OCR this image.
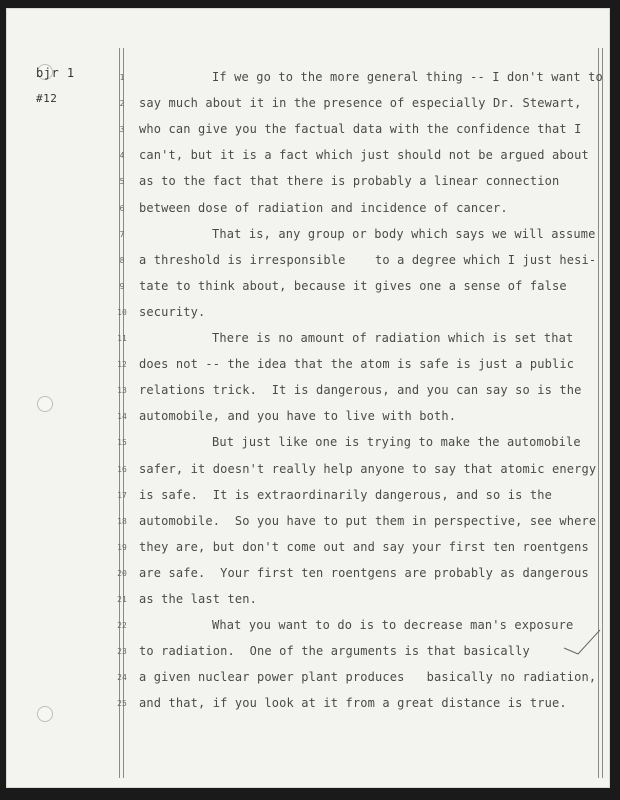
bjr 1
#12
1
2
3
4
5
6
7
8
9
10
11
12
13
14
15
16
17
18
19
20
21
22
23
24
25
If we go to the more general thing -- I don't want to
say much about it in the presence of especially Dr. Stewart,
who can give you the factual data with the confidence that I
can't, but it is a fact which just should not be argued about
as to the fact that there is probably a linear connection
between dose of radiation and incidence of cancer.
That is, any group or body which says we will assume
a threshold is irresponsible    to a degree which I just hesi-
tate to think about, because it gives one a sense of false
security.
There is no amount of radiation which is set that
does not -- the idea that the atom is safe is just a public
relations trick.  It is dangerous, and you can say so is the
automobile, and you have to live with both.
But just like one is trying to make the automobile
safer, it doesn't really help anyone to say that atomic energy
is safe.  It is extraordinarily dangerous, and so is the
automobile.  So you have to put them in perspective, see where
they are, but don't come out and say your first ten roentgens
are safe.  Your first ten roentgens are probably as dangerous
as the last ten.
What you want to do is to decrease man's exposure
to radiation.  One of the arguments is that basically
a given nuclear power plant produces   basically no radiation,
and that, if you look at it from a great distance is true.
